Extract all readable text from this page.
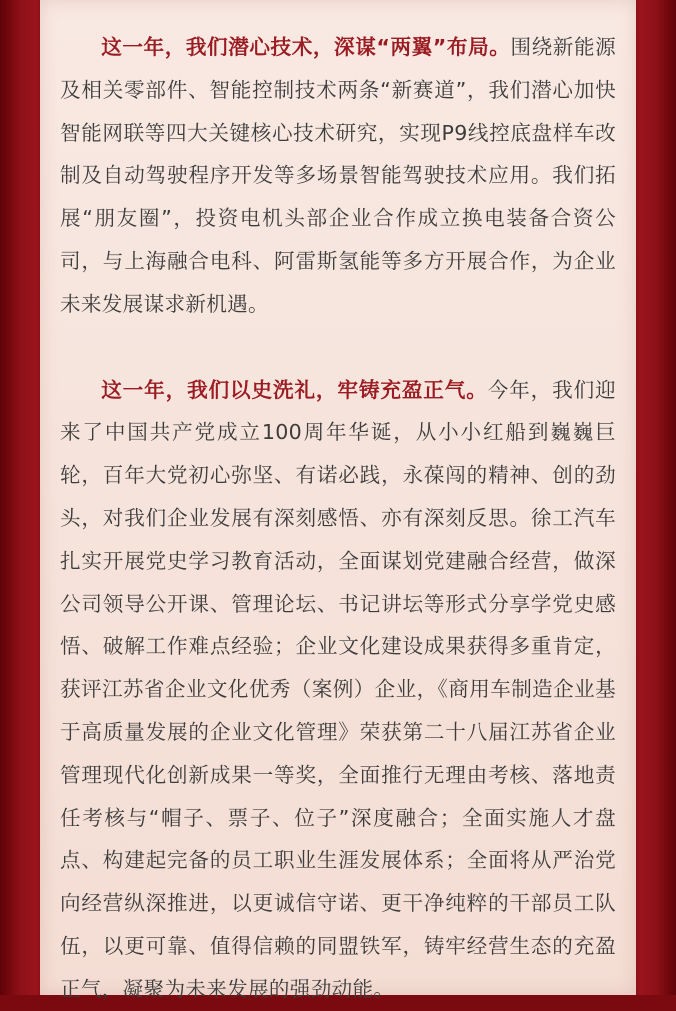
这一年，我们潜心技术，深谋“两翼”布局。围绕新能源及相关零部件、智能控制技术两条“新赛道”，我们潜心加快智能网联等四大关键核心技术研究，实现P9线控底盘样车改制及自动驾驶程序开发等多场景智能驾驶技术应用。我们拓展“朋友圈”，投资电机头部企业合作成立换电装备合资公司，与上海融合电科、阿雷斯氢能等多方开展合作，为企业未来发展谋求新机遇。

这一年，我们以史洗礼，牢铸充盈正气。今年，我们迎来了中国共产党成立100周年华诞，从小小红船到巍巍巨轮，百年大党初心弥坚、有诺必践，永葆闯的精神、创的劲头，对我们企业发展有深刻感悟、亦有深刻反思。徐工汽车扎实开展党史学习教育活动，全面谋划党建融合经营，做深公司领导公开课、管理论坛、书记讲坛等形式分享学党史感悟、破解工作难点经验；企业文化建设成果获得多重肯定，获评江苏省企业文化优秀（案例）企业，《商用车制造企业基于高质量发展的企业文化管理》荣获第二十八届江苏省企业管理现代化创新成果一等奖，全面推行无理由考核、落地责任考核与“帽子、票子、位子”深度融合；全面实施人才盘点、构建起完备的员工职业生涯发展体系；全面将从严治党向经营纵深推进，以更诚信守诺、更干净纯粹的干部员工队伍，以更可靠、值得信赖的同盟铁军，铸牢经营生态的充盈正气，凝聚为未来发展的强劲动能。
